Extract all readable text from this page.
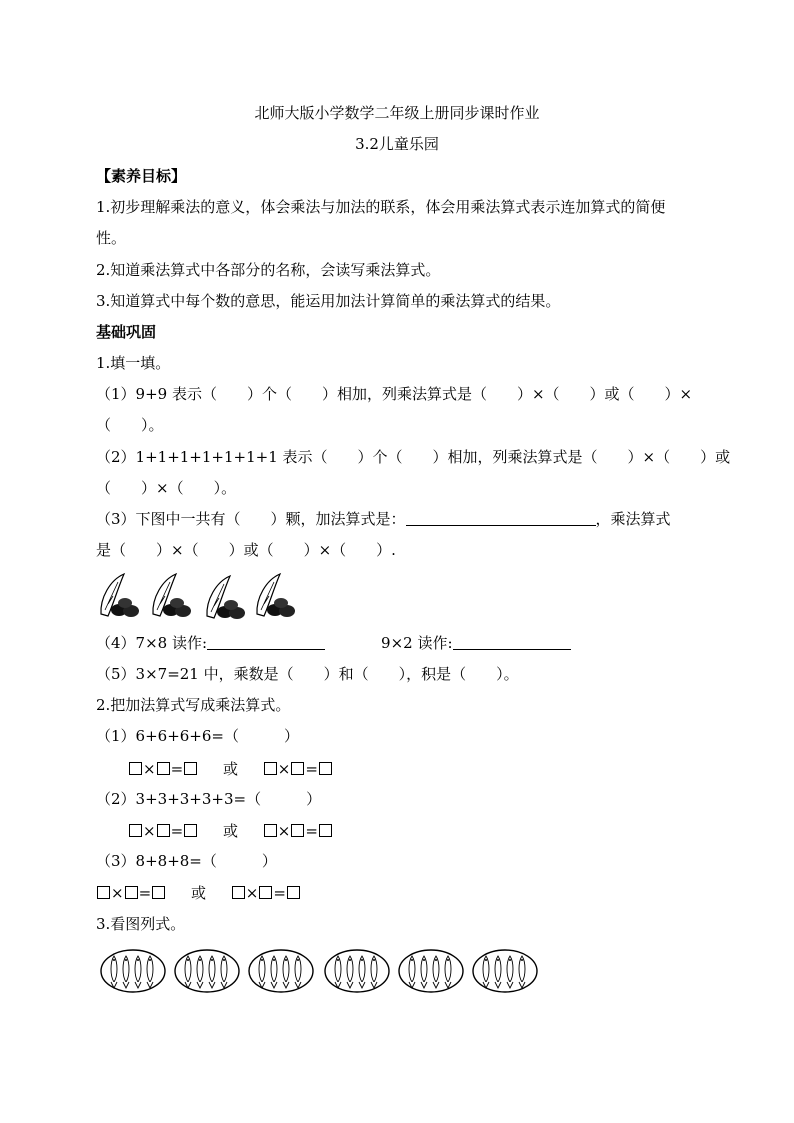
北师大版小学数学二年级上册同步课时作业
3.2儿童乐园
【素养目标】
1.初步理解乘法的意义，体会乘法与加法的联系，体会用乘法算式表示连加算式的简便
性。
2.知道乘法算式中各部分的名称，会读写乘法算式。
3.知道算式中每个数的意思，能运用加法计算简单的乘法算式的结果。
基础巩固
1.填一填。
（1）9+9 表示（　　）个（　　）相加，列乘法算式是（　　）×（　　）或（　　）×
（　　）。
（2）1+1+1+1+1+1+1 表示（　　）个（　　）相加，列乘法算式是（　　）×（　　）或
（　　）×（　　）。
（3）下图中一共有（　　）颗，加法算式是：	，乘法算式
是（　　）×（　　）或（　　）×（　　）.
（4）7×8 读作:	9×2 读作:
（5）3×7=21 中，乘数是（　　）和（　　），积是（　　）。
2.把加法算式写成乘法算式。
（1）6+6+6+6=（　　　）
× =	或	× =
（2）3+3+3+3+3=（　　　）
× =	或	× =
（3）8+8+8=（　　　）
× =	或	× =
3.看图列式。
